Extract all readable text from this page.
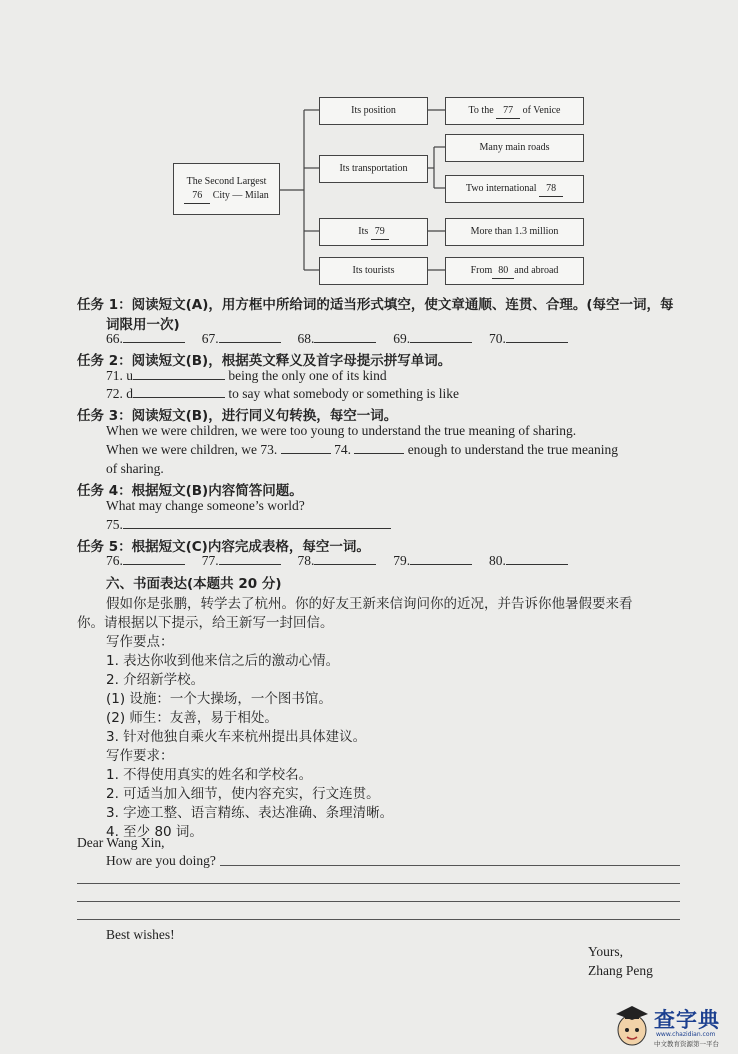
The Second Largest
76 City — Milan
Its position
Its transportation
Its
79
Its tourists
To the
77
of Venice
Many main roads
Two international
78
More than 1.3 million
From 80 and abroad
任务 1：阅读短文(A)，用方框中所给词的适当形式填空，使文章通顺、连贯、合理。(每空一词，每
词限用一次)
66.	67.	68.	69.	70.
任务 2：阅读短文(B)，根据英文释义及首字母提示拼写单词。
71. u	being the only one of its kind
72. d	to say what somebody or something is like
任务 3：阅读短文(B)，进行同义句转换，每空一词。
When we were children, we were too young to understand the true meaning of sharing.
When we were children, we 73.	74.	enough to understand the true meaning
of sharing.
任务 4：根据短文(B)内容简答问题。
What may change someone’s world?
75.
任务 5：根据短文(C)内容完成表格，每空一词。
76.	77.	78.	79.	80.
六、书面表达(本题共 20 分)
假如你是张鹏，转学去了杭州。你的好友王新来信询问你的近况，并告诉你他暑假要来看
你。请根据以下提示，给王新写一封回信。
写作要点：
1. 表达你收到他来信之后的激动心情。
2. 介绍新学校。
(1) 设施：一个大操场，一个图书馆。
(2) 师生：友善，易于相处。
3. 针对他独自乘火车来杭州提出具体建议。
写作要求：
1. 不得使用真实的姓名和学校名。
2. 可适当加入细节，使内容充实，行文连贯。
3. 字迹工整、语言精练、表达准确、条理清晰。
4. 至少 80 词。
Dear Wang Xin,
How are you doing?
Best wishes!
Yours,
Zhang Peng
查字典
www.chazidian.com
中文教育资源第一平台
